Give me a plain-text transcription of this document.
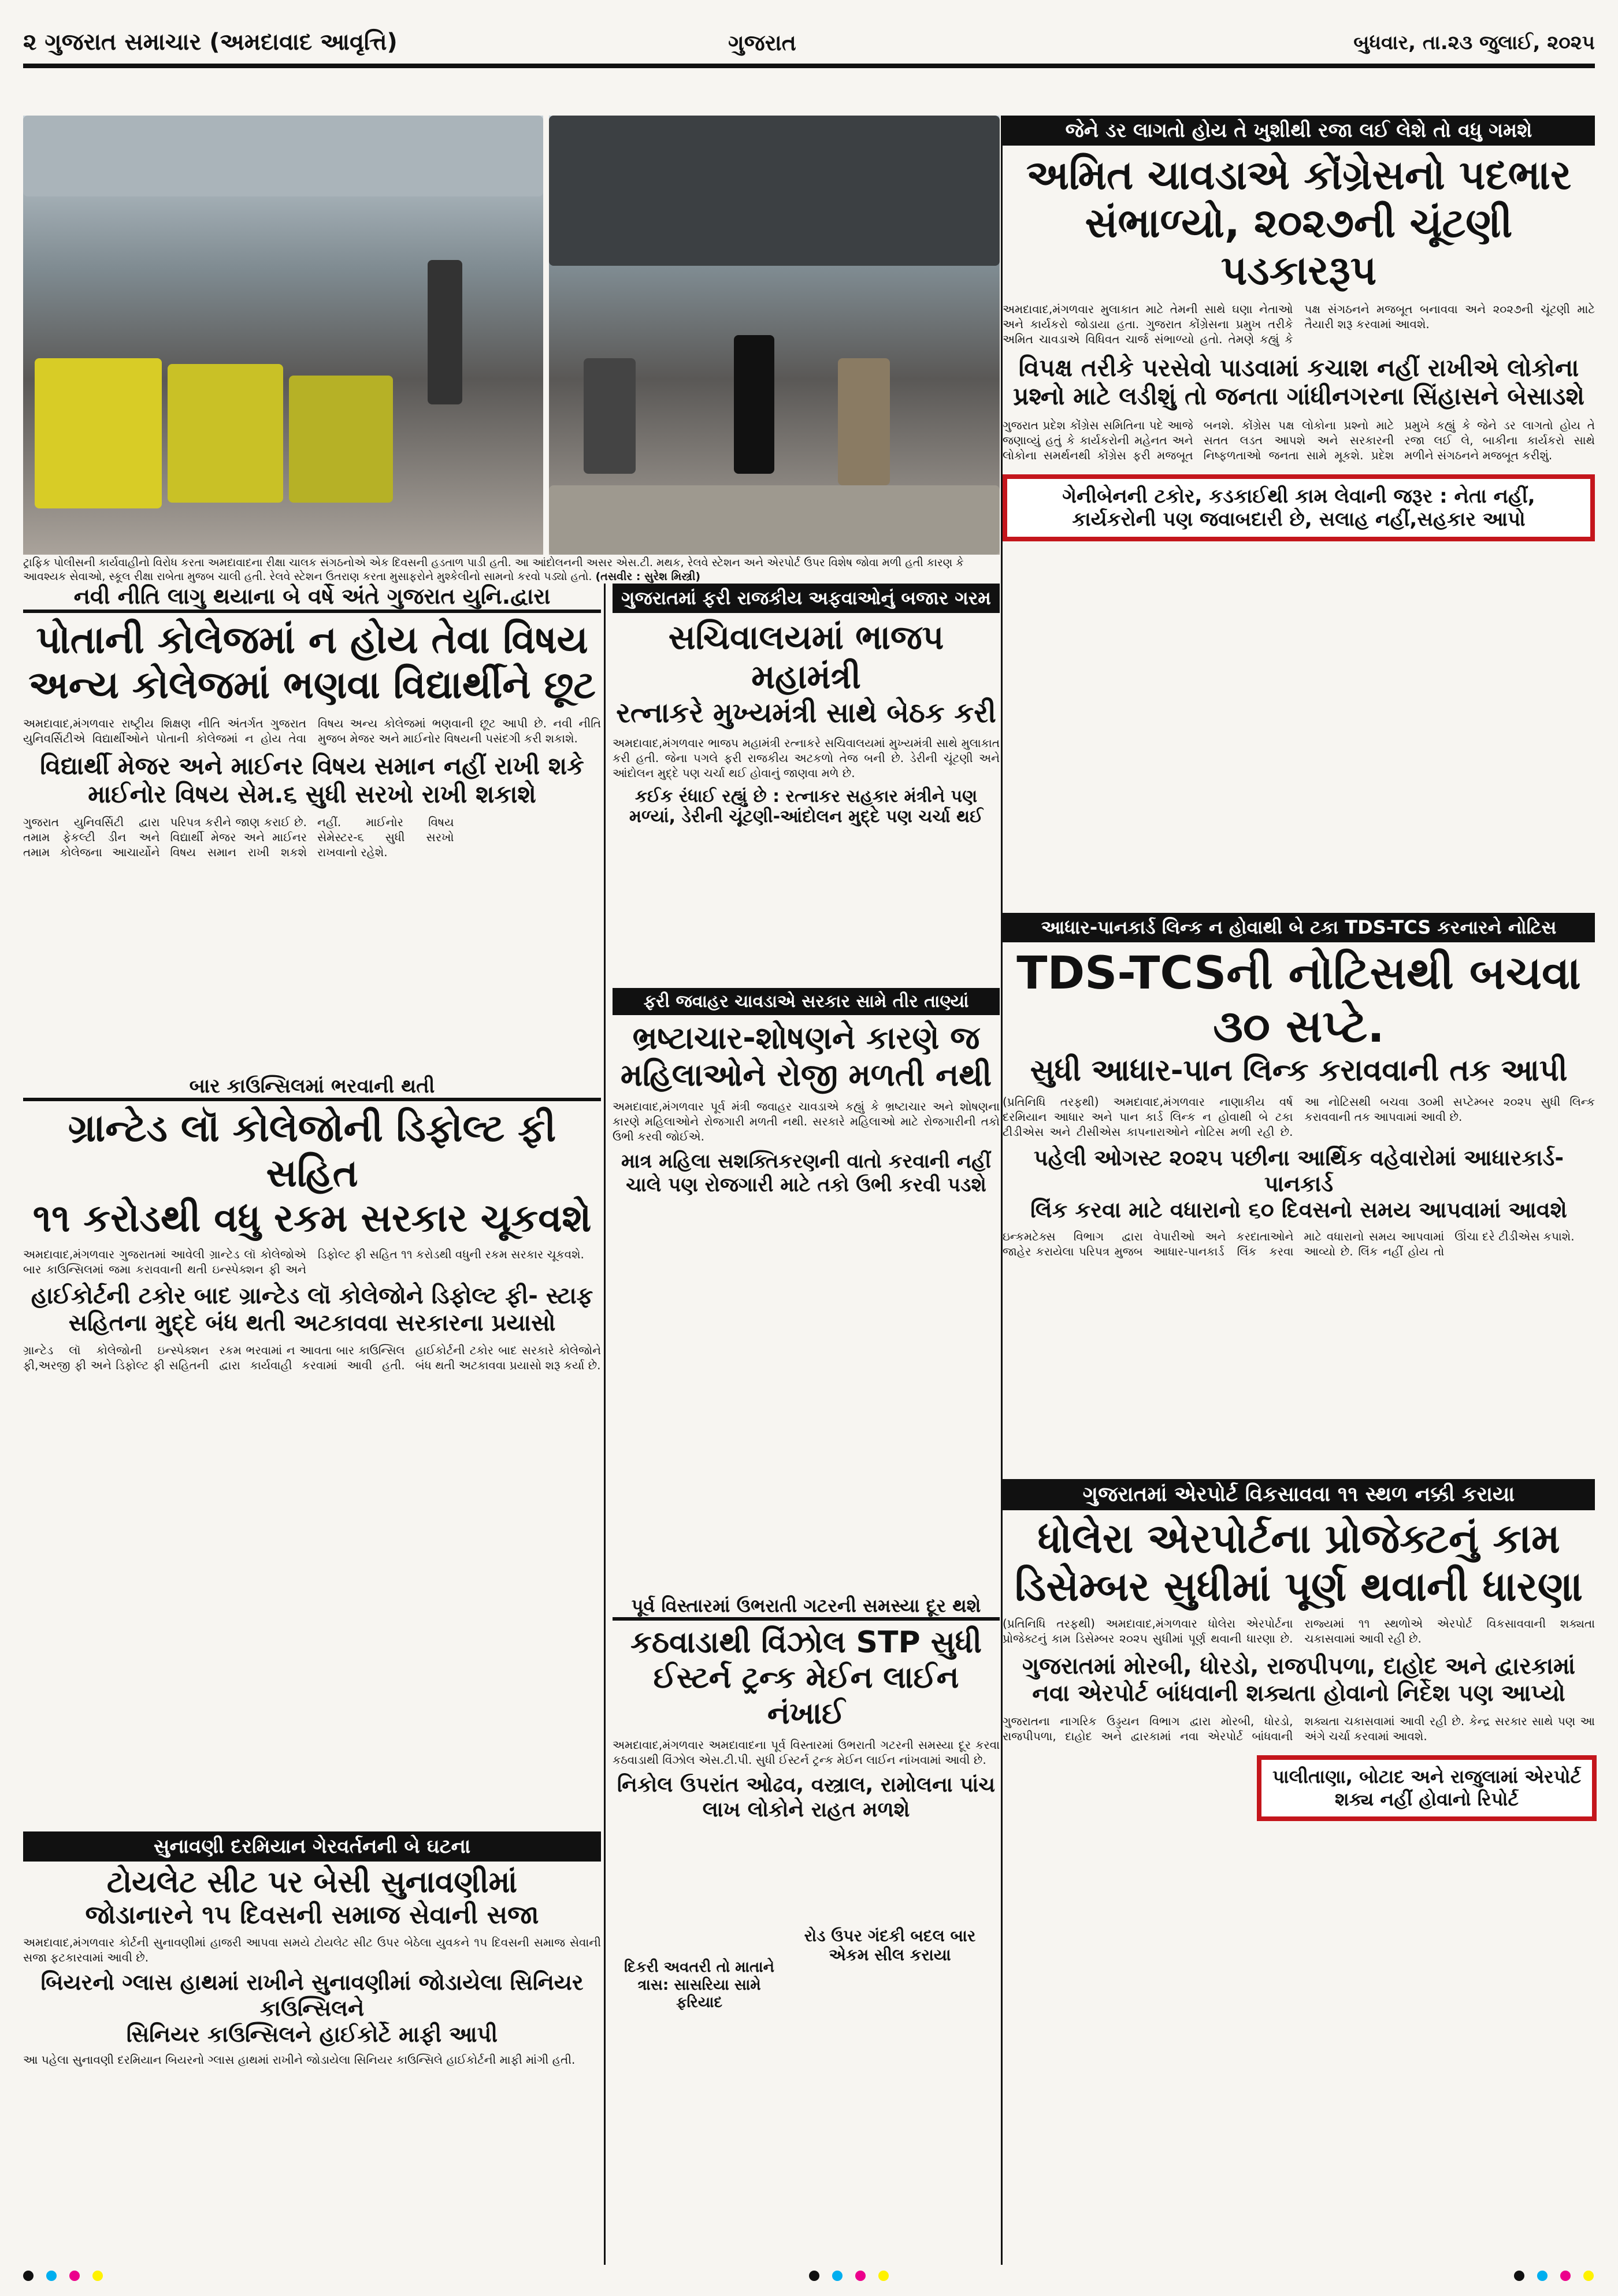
૨ ગુજરાત સમાચાર (અમદાવાદ આવૃત્તિ)	ગુજરાત	બુધવાર, તા.૨૩ જુલાઈ, ૨૦૨૫
ટ્રાફિક પોલીસની કાર્યવાહીનો વિરોધ કરતા અમદાવાદના રીક્ષા ચાલક સંગઠનોએ એક દિવસની હડતાળ પાડી હતી. આ આંદોલનની અસર એસ.ટી. મથક, રેલવે સ્ટેશન અને એરપોર્ટ ઉપર વિશેષ જોવા મળી હતી કારણ કે આવશ્યક સેવાઓ, સ્કૂલ રીક્ષા રાબેતા મુજબ ચાલી હતી. રેલવે સ્ટેશન ઉતરાણ કરતા મુસાફરોને મુશ્કેલીનો સામનો કરવો પડ્યો હતો. (તસવીર : સુરેશ મિસ્ત્રી)
જેને ડર લાગતો હોય તે ખુશીથી રજા લઈ લેશે તો વધુ ગમશે
અમિત ચાવડાએ કોંગ્રેસનો પદભાર
સંભાળ્યો, ૨૦૨૭ની ચૂંટણી પડકારરૂપ
અમદાવાદ,મંગળવાર મુલાકાત માટે તેમની સાથે ઘણા નેતાઓ અને કાર્યકરો જોડાયા હતા. ગુજરાત કોંગ્રેસના પ્રમુખ તરીકે અમિત ચાવડાએ વિધિવત ચાર્જ સંભાળ્યો હતો. તેમણે કહ્યું કે પક્ષ સંગઠનને મજબૂત બનાવવા અને ૨૦૨૭ની ચૂંટણી માટે તૈયારી શરૂ કરવામાં આવશે.
વિપક્ષ તરીકે પરસેવો પાડવામાં કચાશ નહીં રાખીએ લોકોના
પ્રશ્નો માટે લડીશું તો જનતા ગાંધીનગરના સિંહાસને બેસાડશે
ગુજરાત પ્રદેશ કોંગ્રેસ સમિતિના પદે આજે જણાવ્યું હતું કે કાર્યકરોની મહેનત અને લોકોના સમર્થનથી કોંગ્રેસ ફરી મજબૂત બનશે. કોંગ્રેસ પક્ષ લોકોના પ્રશ્નો માટે સતત લડત આપશે અને સરકારની નિષ્ફળતાઓ જનતા સામે મૂકશે. પ્રદેશ પ્રમુખે કહ્યું કે જેને ડર લાગતો હોય તે રજા લઈ લે, બાકીના કાર્યકરો સાથે મળીને સંગઠનને મજબૂત કરીશું.
ગેનીબેનની ટકોર, કડકાઈથી કામ લેવાની જરૂર : નેતા નહીં,
કાર્યકરોની પણ જવાબદારી છે, સલાહ નહીં,સહકાર આપો
નવી નીતિ લાગુ થયાના બે વર્ષે અંતે ગુજરાત યુનિ.દ્વારા
પોતાની કોલેજમાં ન હોય તેવા વિષય
અન્ય કોલેજમાં ભણવા વિદ્યાર્થીને છૂટ
અમદાવાદ,મંગળવાર રાષ્ટ્રીય શિક્ષણ નીતિ અંતર્ગત ગુજરાત યુનિવર્સિટીએ વિદ્યાર્થીઓને પોતાની કોલેજમાં ન હોય તેવા વિષય અન્ય કોલેજમાં ભણવાની છૂટ આપી છે. નવી નીતિ મુજબ મેજર અને માઈનોર વિષયની પસંદગી કરી શકાશે.
વિદ્યાર્થી મેજર અને માઈનર વિષય સમાન નહીં રાખી શકે
માઈનોર વિષય સેમ.૬ સુધી સરખો રાખી શકાશે
ગુજરાત યુનિવર્સિટી દ્વારા તમામ ફેકલ્ટી ડીન અને તમામ કોલેજના આચાર્યોને પરિપત્ર કરીને જાણ કરાઈ છે. વિદ્યાર્થી મેજર અને માઈનર વિષય સમાન રાખી શકશે નહીં. માઈનોર વિષય સેમેસ્ટર-૬ સુધી સરખો રાખવાનો રહેશે.
ગુજરાતમાં ફરી રાજકીય અફવાઓનું બજાર ગરમ
સચિવાલયમાં ભાજપ મહામંત્રી
રત્નાકરે મુખ્યમંત્રી સાથે બેઠક કરી
અમદાવાદ,મંગળવાર ભાજપ મહામંત્રી રત્નાકરે સચિવાલયમાં મુખ્યમંત્રી સાથે મુલાકાત કરી હતી. જેના પગલે ફરી રાજકીય અટકળો તેજ બની છે. ડેરીની ચૂંટણી અને આંદોલન મુદ્દે પણ ચર્ચા થઈ હોવાનું જાણવા મળે છે.
કઈક રંધાઈ રહ્યું છે : રત્નાકર સહકાર મંત્રીને પણ મળ્યાં, ડેરીની ચૂંટણી-આંદોલન મુદ્દે પણ ચર્ચા થઈ
આધાર-પાનકાર્ડ લિન્ક ન હોવાથી બે ટકા TDS-TCS કરનારને નોટિસ
TDS-TCSની નોટિસથી બચવા ૩૦ સપ્ટે.
સુધી આધાર-પાન લિન્ક કરાવવાની તક આપી
(પ્રતિનિધિ તરફથી) અમદાવાદ,મંગળવાર નાણાકીય વર્ષ દરમિયાન આધાર અને પાન કાર્ડ લિન્ક ન હોવાથી બે ટકા ટીડીએસ અને ટીસીએસ કાપનારાઓને નોટિસ મળી રહી છે. આ નોટિસથી બચવા ૩૦મી સપ્ટેમ્બર ૨૦૨૫ સુધી લિન્ક કરાવવાની તક આપવામાં આવી છે.
પહેલી ઓગસ્ટ ૨૦૨૫ પછીના આર્થિક વહેવારોમાં આધારકાર્ડ-પાનકાર્ડ
લિંક કરવા માટે વધારાનો ૬૦ દિવસનો સમય આપવામાં આવશે
ઇન્કમટેક્સ વિભાગ દ્વારા જાહેર કરાયેલા પરિપત્ર મુજબ વેપારીઓ અને કરદાતાઓને આધાર-પાનકાર્ડ લિંક કરવા માટે વધારાનો સમય આપવામાં આવ્યો છે. લિંક નહીં હોય તો ઊંચા દરે ટીડીએસ કપાશે.
ફરી જવાહર ચાવડાએ સરકાર સામે તીર તાણ્યાં
ભ્રષ્ટાચાર-શોષણને કારણે જ
મહિલાઓને રોજી મળતી નથી
અમદાવાદ,મંગળવાર પૂર્વ મંત્રી જવાહર ચાવડાએ કહ્યું કે ભ્રષ્ટાચાર અને શોષણના કારણે મહિલાઓને રોજગારી મળતી નથી. સરકારે મહિલાઓ માટે રોજગારીની તકો ઉભી કરવી જોઈએ.
માત્ર મહિલા સશક્તિકરણની વાતો કરવાની નહીં ચાલે પણ રોજગારી માટે તકો ઉભી કરવી પડશે
બાર કાઉન્સિલમાં ભરવાની થતી
ગ્રાન્ટેડ લૉ કોલેજોની ડિફોલ્ટ ફી સહિત
૧૧ કરોડથી વધુ રકમ સરકાર ચૂકવશે
અમદાવાદ,મંગળવાર ગુજરાતમાં આવેલી ગ્રાન્ટેડ લૉ કોલેજોએ બાર કાઉન્સિલમાં જમા કરાવવાની થતી ઇન્સ્પેક્શન ફી અને ડિફોલ્ટ ફી સહિત ૧૧ કરોડથી વધુની રકમ સરકાર ચૂકવશે.
હાઈકોર્ટની ટકોર બાદ ગ્રાન્ટેડ લૉ કોલેજોને ડિફોલ્ટ ફી- સ્ટાફ
સહિતના મુદ્દે બંધ થતી અટકાવવા સરકારના પ્રયાસો
ગ્રાન્ટેડ લૉ કોલેજોની ઇન્સ્પેક્શન ફી,અરજી ફી અને ડિફોલ્ટ ફી સહિતની રકમ ભરવામાં ન આવતા બાર કાઉન્સિલ દ્વારા કાર્યવાહી કરવામાં આવી હતી. હાઈકોર્ટની ટકોર બાદ સરકારે કોલેજોને બંધ થતી અટકાવવા પ્રયાસો શરૂ કર્યા છે.
ગુજરાતમાં એરપોર્ટ વિકસાવવા ૧૧ સ્થળ નક્કી કરાયા
ધોલેરા એરપોર્ટના પ્રોજેક્ટનું કામ
ડિસેમ્બર સુધીમાં પૂર્ણ થવાની ધારણા
(પ્રતિનિધિ તરફથી) અમદાવાદ,મંગળવાર ધોલેરા એરપોર્ટના પ્રોજેક્ટનું કામ ડિસેમ્બર ૨૦૨૫ સુધીમાં પૂર્ણ થવાની ધારણા છે. રાજ્યમાં ૧૧ સ્થળોએ એરપોર્ટ વિકસાવવાની શક્યતા ચકાસવામાં આવી રહી છે.
ગુજરાતમાં મોરબી, ધોરડો, રાજપીપળા, દાહોદ અને દ્વારકામાં
નવા એરપોર્ટ બાંધવાની શક્યતા હોવાનો નિર્દેશ પણ આપ્યો
ગુજરાતના નાગરિક ઉડ્ડયન વિભાગ દ્વારા મોરબી, ધોરડો, રાજપીપળા, દાહોદ અને દ્વારકામાં નવા એરપોર્ટ બાંધવાની શક્યતા ચકાસવામાં આવી રહી છે. કેન્દ્ર સરકાર સાથે પણ આ અંગે ચર્ચા કરવામાં આવશે.
પાલીતાણા, બોટાદ અને રાજુલામાં એરપોર્ટ
શક્ય નહીં હોવાનો રિપોર્ટ
પૂર્વ વિસ્તારમાં ઉભરાતી ગટરની સમસ્યા દૂર થશે
કઠવાડાથી વિંઝોલ STP સુધી
ઈસ્ટર્ન ટ્રન્ક મેઈન લાઈન નંખાઈ
અમદાવાદ,મંગળવાર અમદાવાદના પૂર્વ વિસ્તારમાં ઉભરાતી ગટરની સમસ્યા દૂર કરવા કઠવાડાથી વિંઝોલ એસ.ટી.પી. સુધી ઈસ્ટર્ન ટ્રન્ક મેઈન લાઈન નાંખવામાં આવી છે.
નિકોલ ઉપરાંત ઓઢવ, વસ્ત્રાલ, રામોલના પાંચ લાખ લોકોને રાહત મળશે
રોડ ઉપર ગંદકી બદલ બાર એકમ સીલ કરાયા
સુનાવણી દરમિયાન ગેરવર્તનની બે ઘટના
ટોયલેટ સીટ પર બેસી સુનાવણીમાં
જોડાનારને ૧૫ દિવસની સમાજ સેવાની સજા
અમદાવાદ,મંગળવાર કોર્ટની સુનાવણીમાં હાજરી આપવા સમયે ટોયલેટ સીટ ઉપર બેઠેલા યુવકને ૧૫ દિવસની સમાજ સેવાની સજા ફટકારવામાં આવી છે.
બિયરનો ગ્લાસ હાથમાં રાખીને સુનાવણીમાં જોડાયેલા સિનિયર કાઉન્સિલને
સિનિયર કાઉન્સિલને હાઈકોર્ટે માફી આપી
આ પહેલા સુનાવણી દરમિયાન બિયરનો ગ્લાસ હાથમાં રાખીને જોડાયેલા સિનિયર કાઉન્સિલે હાઈકોર્ટની માફી માંગી હતી.
દિકરી અવતરી તો માતાને
ત્રાસ: સાસરિયા સામે ફરિયાદ
